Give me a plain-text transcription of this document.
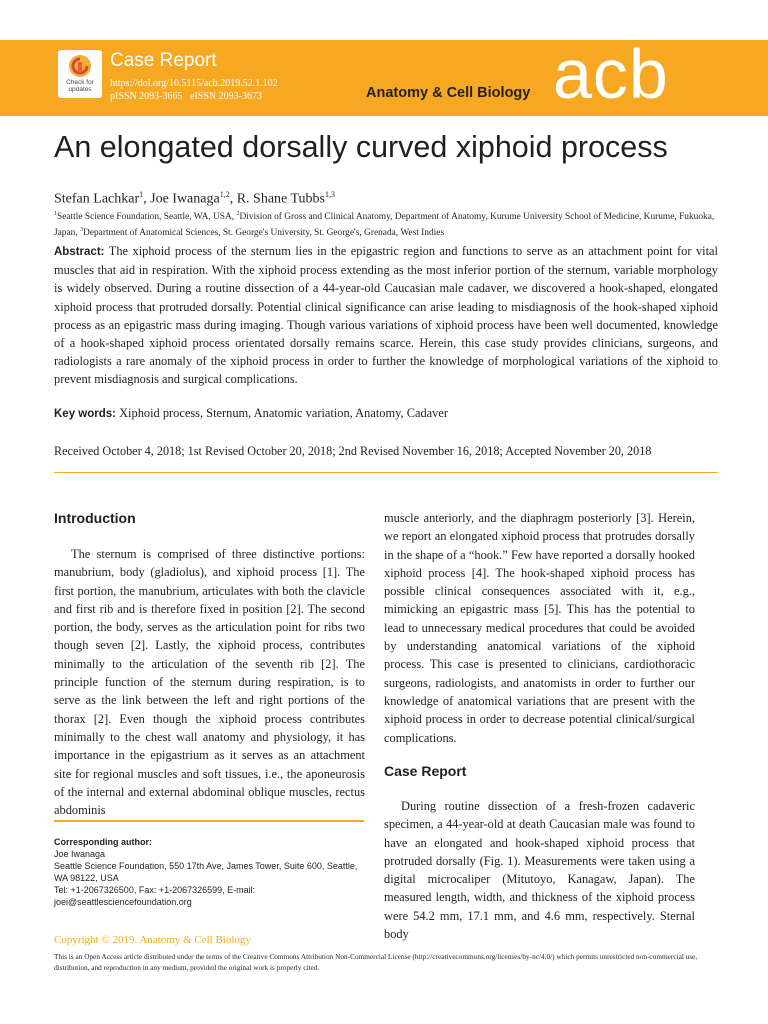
Check for
updates
Case Report
https://doi.org/10.5115/acb.2019.52.1.102
pISSN 2093-3665   eISSN 2093-3673	Anatomy & Cell Biology acb
An elongated dorsally curved xiphoid process
Stefan Lachkar$^1$, Joe Iwanaga$^{1,2}$, R. Shane Tubbs$^{1,3}$
$^1$Seattle Science Foundation, Seattle, WA, USA, $^2$Division of Gross and Clinical Anatomy, Department of Anatomy, Kurume University School of Medicine, Kurume, Fukuoka, Japan, $^3$Department of Anatomical Sciences, St. George's University, St. George's, Grenada, West Indies
Abstract: The xiphoid process of the sternum lies in the epigastric region and functions to serve as an attachment point for vital muscles that aid in respiration. With the xiphoid process extending as the most inferior portion of the sternum, variable morphology is widely observed. During a routine dissection of a 44-year-old Caucasian male cadaver, we discovered a hook-shaped, elongated xiphoid process that protruded dorsally. Potential clinical significance can arise leading to misdiagnosis of the hook-shaped xiphoid process as an epigastric mass during imaging. Though various variations of xiphoid process have been well documented, knowledge of a hook-shaped xiphoid process orientated dorsally remains scarce. Herein, this case study provides clinicians, surgeons, and radiologists a rare anomaly of the xiphoid process in order to further the knowledge of morphological variations of the xiphoid to prevent misdiagnosis and surgical complications.
Key words: Xiphoid process, Sternum, Anatomic variation, Anatomy, Cadaver
Received October 4, 2018; 1st Revised October 20, 2018; 2nd Revised November 16, 2018; Accepted November 20, 2018
Introduction

The sternum is comprised of three distinctive portions: manubrium, body (gladiolus), and xiphoid process [1]. The first portion, the manubrium, articulates with both the clavicle and first rib and is therefore fixed in position [2]. The second portion, the body, serves as the articulation point for ribs two though seven [2]. Lastly, the xiphoid process, contributes minimally to the articulation of the seventh rib [2]. The principle function of the sternum during respiration, is to serve as the link between the left and right portions of the thorax [2]. Even though the xiphoid process contributes minimally to the chest wall anatomy and physiology, it has importance in the epigastrium as it serves as an attachment site for regional muscles and soft tissues, i.e., the aponeurosis of the internal and external abdominal oblique muscles, rectus abdominis

muscle anteriorly, and the diaphragm posteriorly [3]. Herein, we report an elongated xiphoid process that protrudes dorsally in the shape of a “hook.” Few have reported a dorsally hooked xiphoid process [4]. The hook-shaped xiphoid process has possible clinical consequences associated with it, e.g., mimicking an epigastric mass [5]. This has the potential to lead to unnecessary medical procedures that could be avoided by understanding anatomical variations of the xiphoid process. This case is presented to clinicians, cardiothoracic surgeons, radiologists, and anatomists in order to further our knowledge of anatomical variations that are present with the xiphoid process in order to decrease potential clinical/surgical complications.

Case Report

During routine dissection of a fresh-frozen cadaveric specimen, a 44-year-old at death Caucasian male was found to have an elongated and hook-shaped xiphoid process that protruded dorsally (Fig. 1). Measurements were taken using a digital microcaliper (Mitutoyo, Kanagaw, Japan). The measured length, width, and thickness of the xiphoid process were 54.2 mm, 17.1 mm, and 4.6 mm, respectively. Sternal body

Corresponding author:
Joe Iwanaga
Seattle Science Foundation, 550 17th Ave, James Tower, Suite 600, Seattle, WA 98122, USA
Tel: +1-2067326500, Fax: +1-2067326599, E-mail: joei@seattlesciencefoundation.org
Copyright © 2019. Anatomy & Cell Biology
This is an Open Access article distributed under the terms of the Creative Commons Attribution Non-Commercial License (http://creativecommons.org/licenses/by-nc/4.0/) which permits unrestricted non-commercial use, distribution, and reproduction in any medium, provided the original work is properly cited.
